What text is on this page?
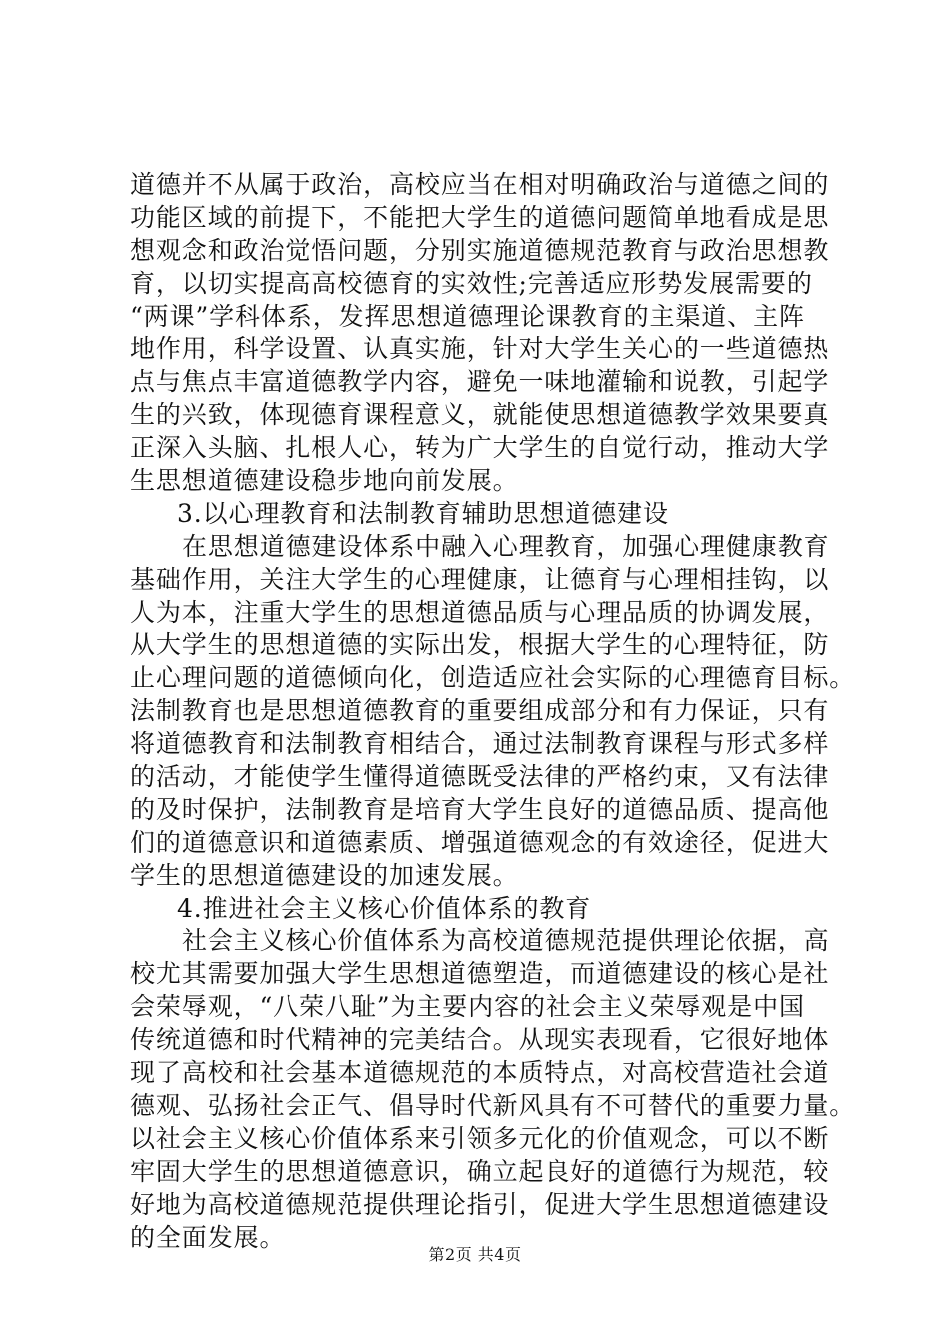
道德并不从属于政治，高校应当在相对明确政治与道德之间的
功能区域的前提下，不能把大学生的道德问题简单地看成是思
想观念和政治觉悟问题，分别实施道德规范教育与政治思想教
育，以切实提高高校德育的实效性;完善适应形势发展需要的
“两课”学科体系，发挥思想道德理论课教育的主渠道、主阵
地作用，科学设置、认真实施，针对大学生关心的一些道德热
点与焦点丰富道德教学内容，避免一味地灌输和说教，引起学
生的兴致，体现德育课程意义，就能使思想道德教学效果要真
正深入头脑、扎根人心，转为广大学生的自觉行动，推动大学
生思想道德建设稳步地向前发展。
3.以心理教育和法制教育辅助思想道德建设
在思想道德建设体系中融入心理教育，加强心理健康教育
基础作用，关注大学生的心理健康，让德育与心理相挂钩，以
人为本，注重大学生的思想道德品质与心理品质的协调发展，
从大学生的思想道德的实际出发，根据大学生的心理特征，防
止心理问题的道德倾向化，创造适应社会实际的心理德育目标。
法制教育也是思想道德教育的重要组成部分和有力保证，只有
将道德教育和法制教育相结合，通过法制教育课程与形式多样
的活动，才能使学生懂得道德既受法律的严格约束，又有法律
的及时保护，法制教育是培育大学生良好的道德品质、提高他
们的道德意识和道德素质、增强道德观念的有效途径，促进大
学生的思想道德建设的加速发展。
4.推进社会主义核心价值体系的教育
社会主义核心价值体系为高校道德规范提供理论依据，高
校尤其需要加强大学生思想道德塑造，而道德建设的核心是社
会荣辱观，“八荣八耻”为主要内容的社会主义荣辱观是中国
传统道德和时代精神的完美结合。从现实表现看，它很好地体
现了高校和社会基本道德规范的本质特点，对高校营造社会道
德观、弘扬社会正气、倡导时代新风具有不可替代的重要力量。
以社会主义核心价值体系来引领多元化的价值观念，可以不断
牢固大学生的思想道德意识，确立起良好的道德行为规范，较
好地为高校道德规范提供理论指引，促进大学生思想道德建设
的全面发展。
第2页 共4页
